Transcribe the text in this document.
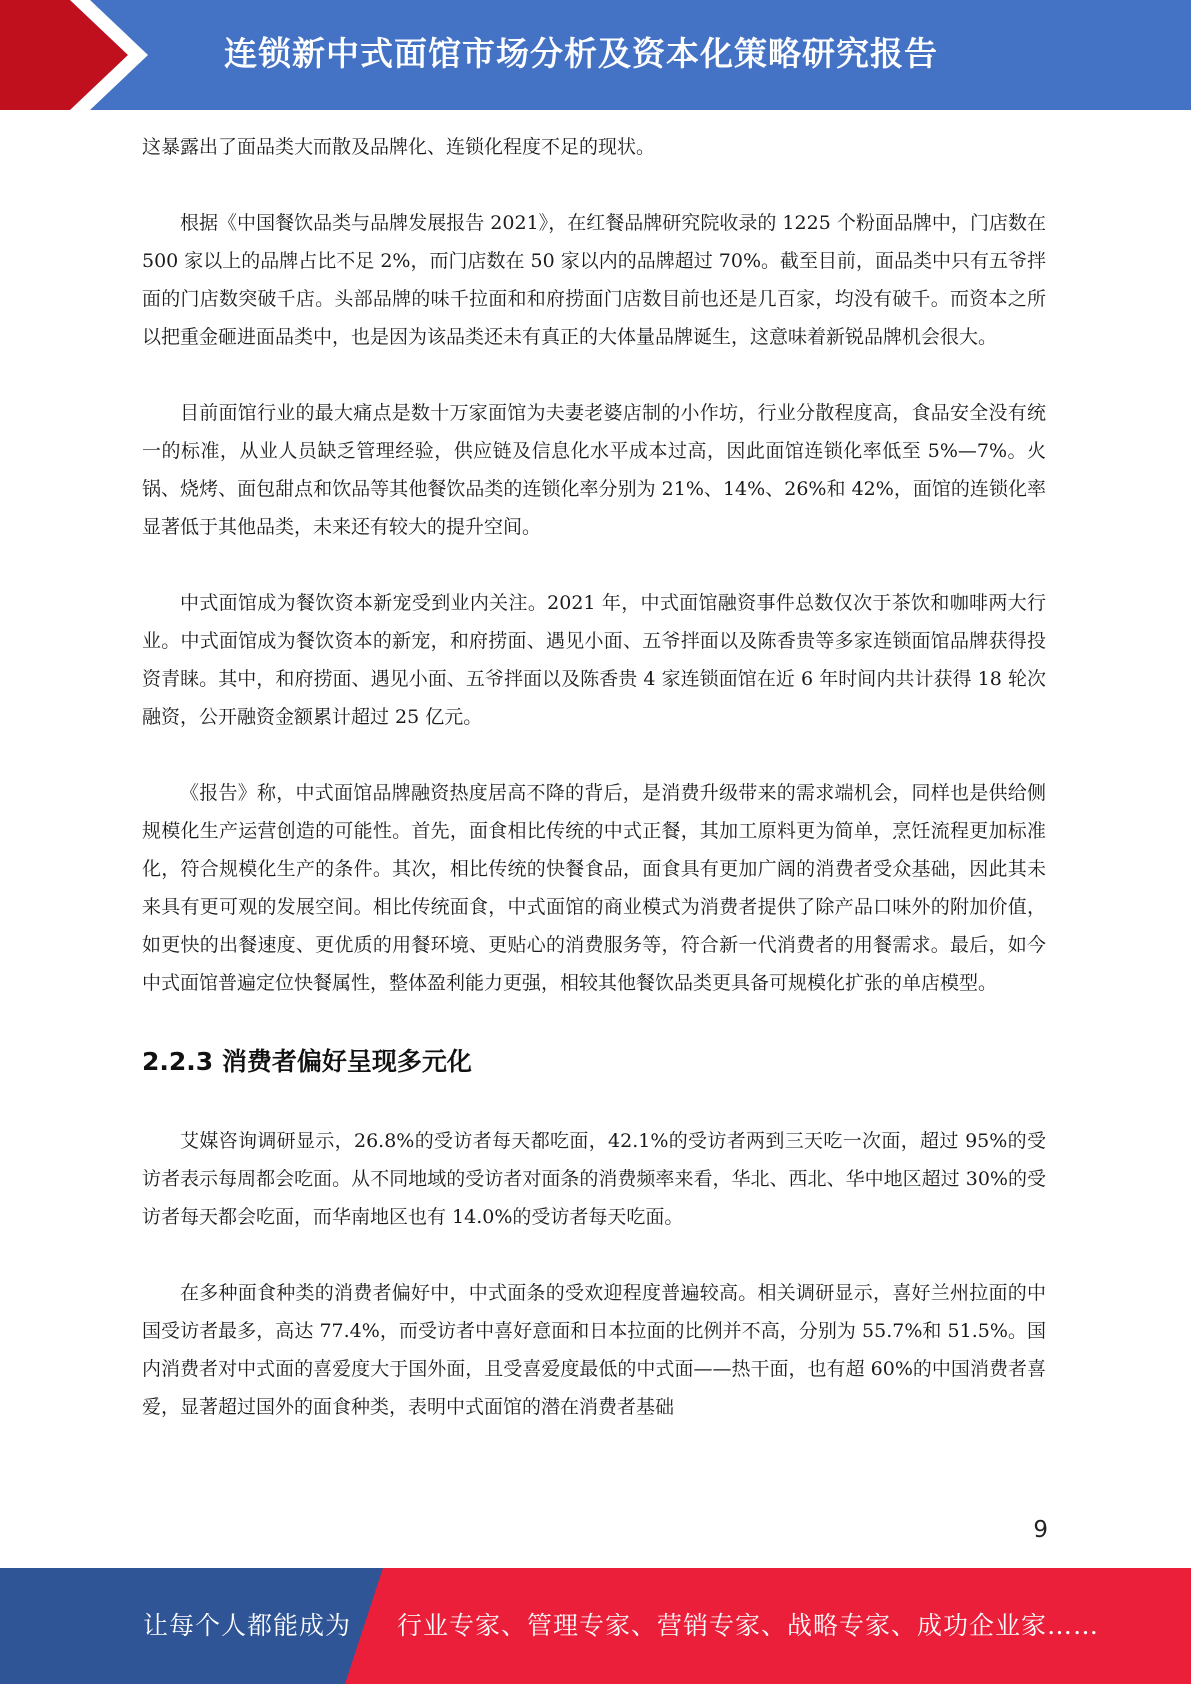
连锁新中式面馆市场分析及资本化策略研究报告

这暴露出了面品类大而散及品牌化、连锁化程度不足的现状。

根据《中国餐饮品类与品牌发展报告 2021》，在红餐品牌研究院收录的 1225 个粉面品牌中，门店数在 500 家以上的品牌占比不足 2%，而门店数在 50 家以内的品牌超过 70%。截至目前，面品类中只有五爷拌面的门店数突破千店。头部品牌的味千拉面和和府捞面门店数目前也还是几百家，均没有破千。而资本之所以把重金砸进面品类中，也是因为该品类还未有真正的大体量品牌诞生，这意味着新锐品牌机会很大。

目前面馆行业的最大痛点是数十万家面馆为夫妻老婆店制的小作坊，行业分散程度高，食品安全没有统一的标准，从业人员缺乏管理经验，供应链及信息化水平成本过高，因此面馆连锁化率低至 5%—7%。火锅、烧烤、面包甜点和饮品等其他餐饮品类的连锁化率分别为 21%、14%、26%和 42%，面馆的连锁化率显著低于其他品类，未来还有较大的提升空间。

中式面馆成为餐饮资本新宠受到业内关注。2021 年，中式面馆融资事件总数仅次于茶饮和咖啡两大行业。中式面馆成为餐饮资本的新宠，和府捞面、遇见小面、五爷拌面以及陈香贵等多家连锁面馆品牌获得投资青睐。其中，和府捞面、遇见小面、五爷拌面以及陈香贵 4 家连锁面馆在近 6 年时间内共计获得 18 轮次融资，公开融资金额累计超过 25 亿元。

《报告》称，中式面馆品牌融资热度居高不降的背后，是消费升级带来的需求端机会，同样也是供给侧规模化生产运营创造的可能性。首先，面食相比传统的中式正餐，其加工原料更为简单，烹饪流程更加标准化，符合规模化生产的条件。其次，相比传统的快餐食品，面食具有更加广阔的消费者受众基础，因此其未来具有更可观的发展空间。相比传统面食，中式面馆的商业模式为消费者提供了除产品口味外的附加价值，如更快的出餐速度、更优质的用餐环境、更贴心的消费服务等，符合新一代消费者的用餐需求。最后，如今中式面馆普遍定位快餐属性，整体盈利能力更强，相较其他餐饮品类更具备可规模化扩张的单店模型。

2.2.3 消费者偏好呈现多元化

艾媒咨询调研显示，26.8%的受访者每天都吃面，42.1%的受访者两到三天吃一次面，超过 95%的受访者表示每周都会吃面。从不同地域的受访者对面条的消费频率来看，华北、西北、华中地区超过 30%的受访者每天都会吃面，而华南地区也有 14.0%的受访者每天吃面。

在多种面食种类的消费者偏好中，中式面条的受欢迎程度普遍较高。相关调研显示，喜好兰州拉面的中国受访者最多，高达 77.4%，而受访者中喜好意面和日本拉面的比例并不高，分别为 55.7%和 51.5%。国内消费者对中式面的喜爱度大于国外面，且受喜爱度最低的中式面——热干面，也有超 60%的中国消费者喜爱，显著超过国外的面食种类，表明中式面馆的潜在消费者基础

9
让每个人都能成为 行业专家、管理专家、营销专家、战略专家、成功企业家……
